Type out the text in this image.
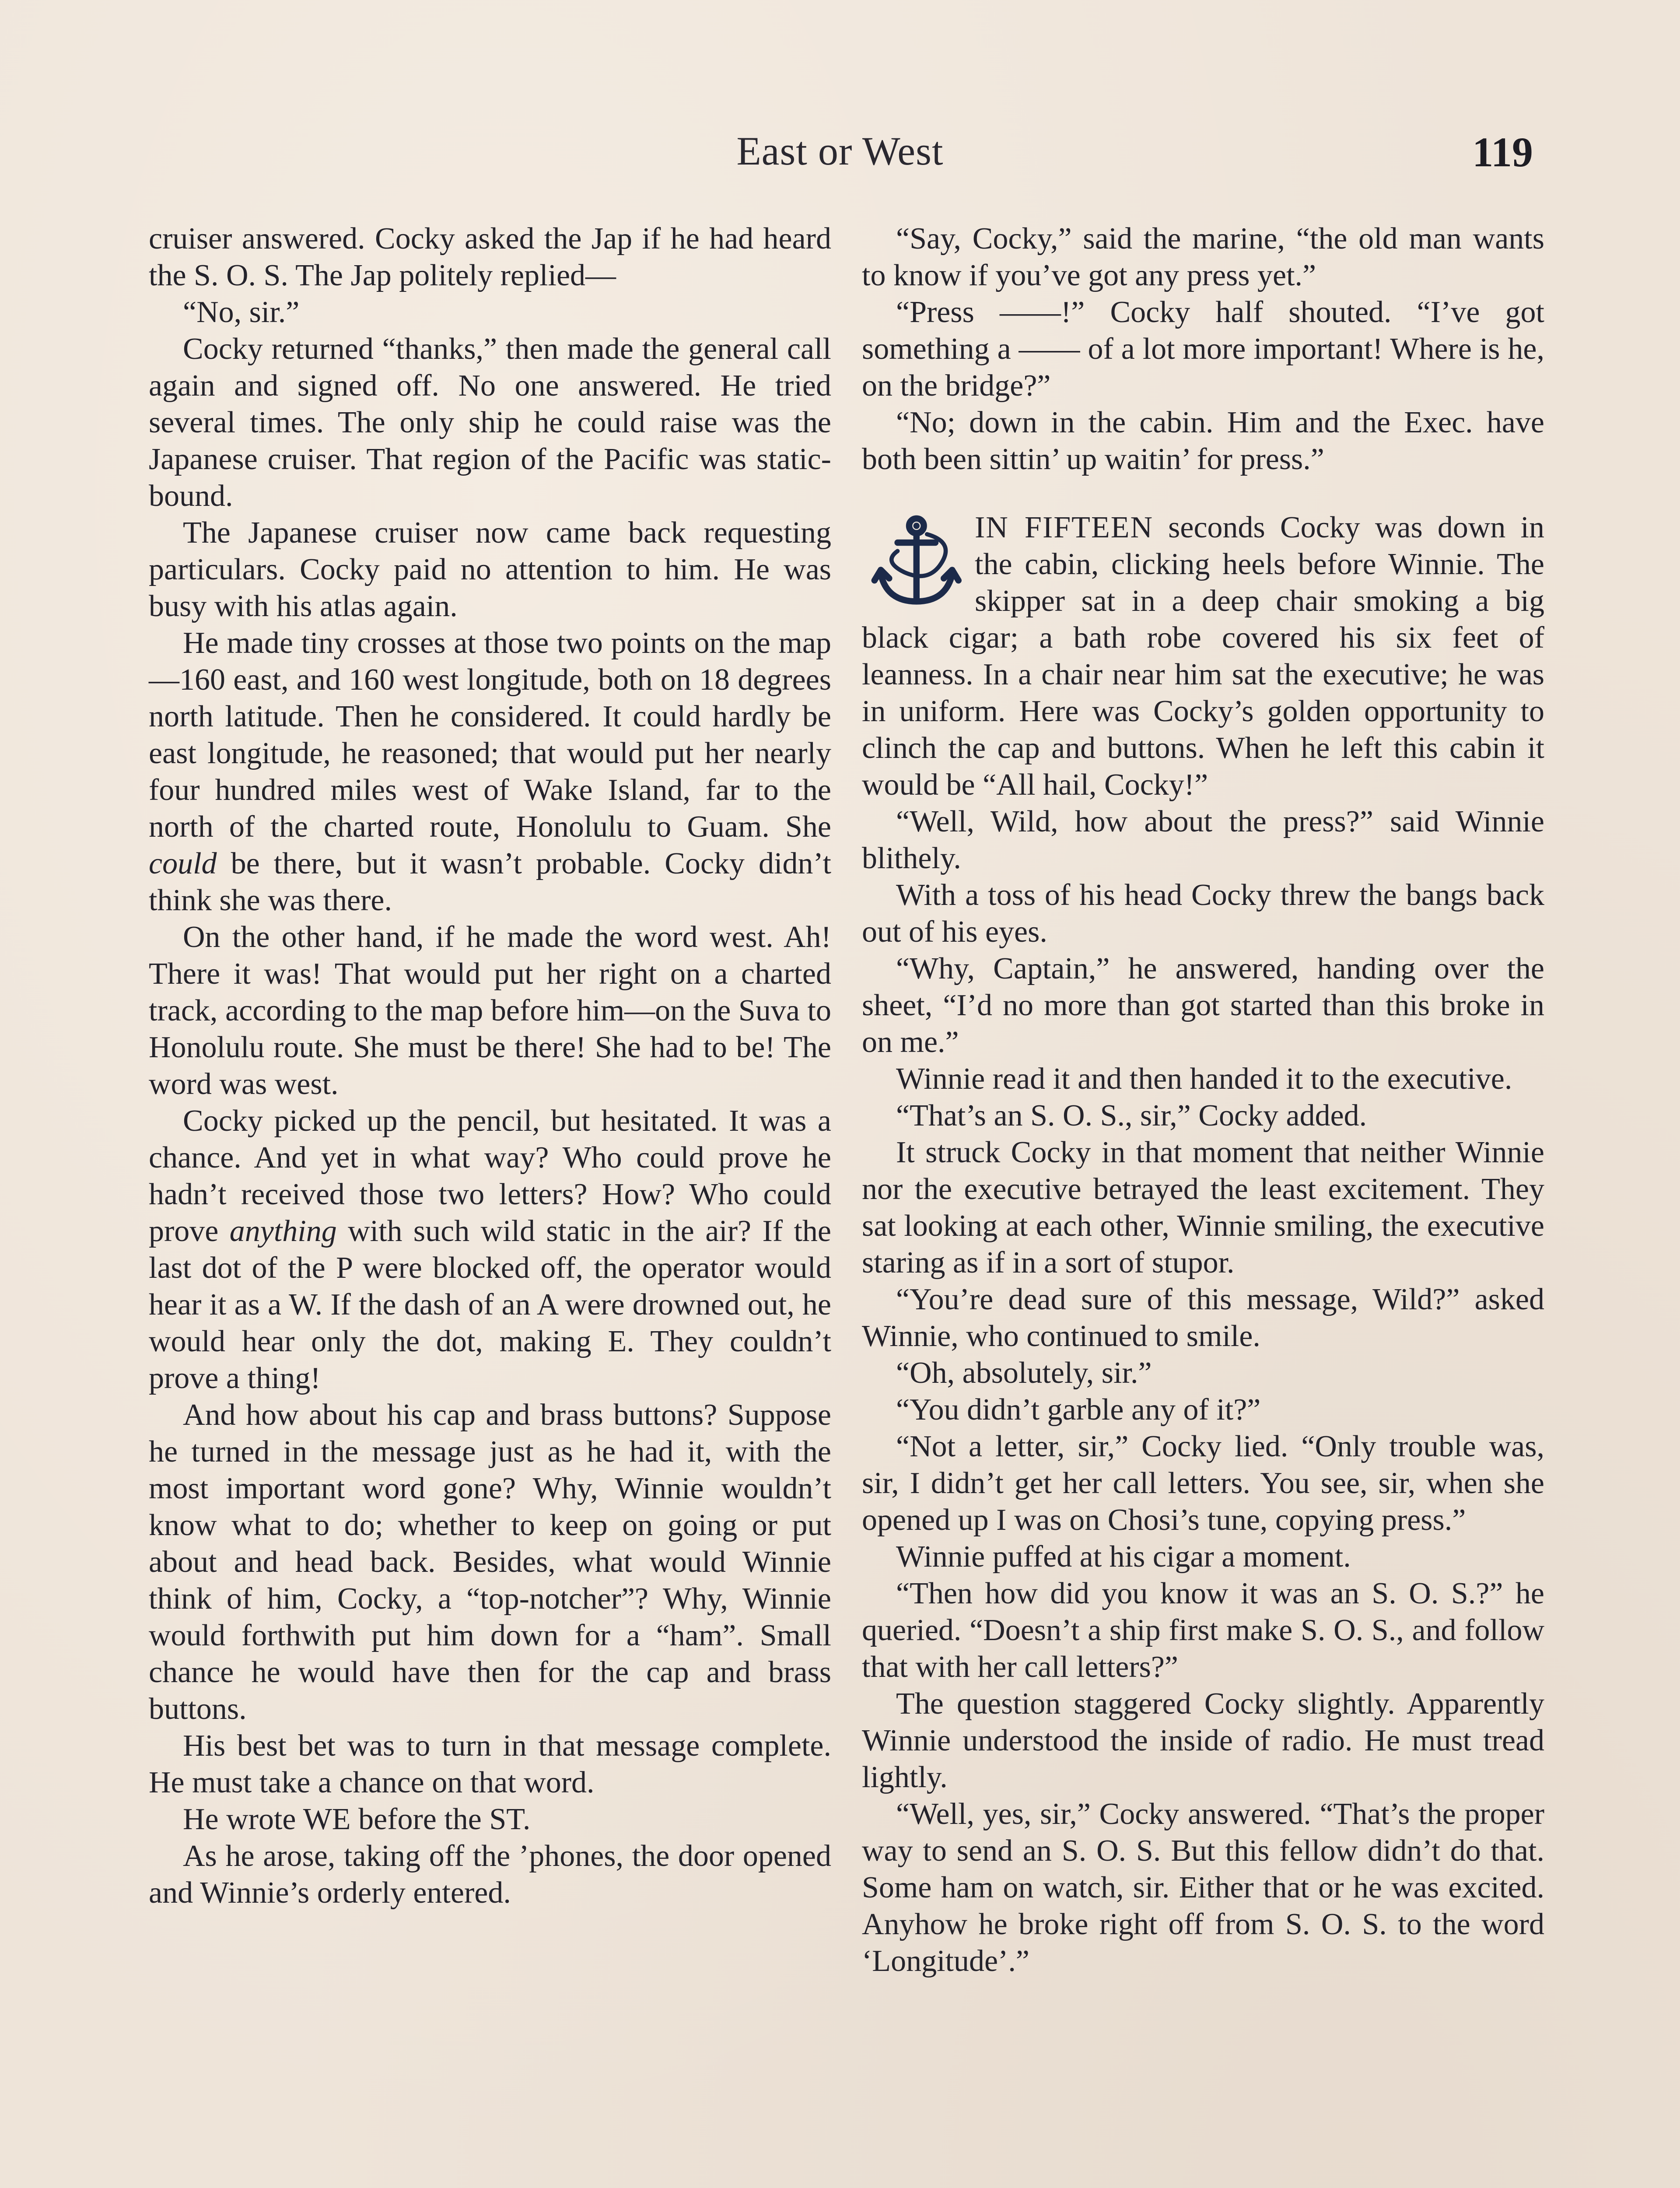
East or West	119

cruiser answered. Cocky asked the Jap if he had heard the S. O. S. The Jap politely replied—

“No, sir.”

Cocky returned “thanks,” then made the general call again and signed off. No one answered. He tried several times. The only ship he could raise was the Japanese cruiser. That region of the Pacific was static-bound.

The Japanese cruiser now came back requesting particulars. Cocky paid no attention to him. He was busy with his atlas again.

He made tiny crosses at those two points on the map—160 east, and 160 west longitude, both on 18 degrees north latitude. Then he considered. It could hardly be east longitude, he reasoned; that would put her nearly four hundred miles west of Wake Island, far to the north of the charted route, Honolulu to Guam. She could be there, but it wasn’t probable. Cocky didn’t think she was there.

On the other hand, if he made the word west. Ah! There it was! That would put her right on a charted track, according to the map before him—on the Suva to Honolulu route. She must be there! She had to be! The word was west.

Cocky picked up the pencil, but hesitated. It was a chance. And yet in what way? Who could prove he hadn’t received those two letters? How? Who could prove anything with such wild static in the air? If the last dot of the P were blocked off, the operator would hear it as a W. If the dash of an A were drowned out, he would hear only the dot, making E. They couldn’t prove a thing!

And how about his cap and brass buttons? Suppose he turned in the message just as he had it, with the most important word gone? Why, Winnie wouldn’t know what to do; whether to keep on going or put about and head back. Besides, what would Winnie think of him, Cocky, a “top-notcher”? Why, Winnie would forthwith put him down for a “ham”. Small chance he would have then for the cap and brass buttons.

His best bet was to turn in that message complete. He must take a chance on that word.

He wrote WE before the ST.

As he arose, taking off the ’phones, the door opened and Winnie’s orderly entered.

“Say, Cocky,” said the marine, “the old man wants to know if you’ve got any press yet.”

“Press ——!” Cocky half shouted. “I’ve got something a —— of a lot more important! Where is he, on the bridge?”

“No; down in the cabin. Him and the Exec. have both been sittin’ up waitin’ for press.”

IN FIFTEEN seconds Cocky was down in the cabin, clicking heels before Winnie. The skipper sat in a deep chair smoking a big black cigar; a bath robe covered his six feet of leanness. In a chair near him sat the executive; he was in uniform. Here was Cocky’s golden opportunity to clinch the cap and buttons. When he left this cabin it would be “All hail, Cocky!”

“Well, Wild, how about the press?” said Winnie blithely.

With a toss of his head Cocky threw the bangs back out of his eyes.

“Why, Captain,” he answered, handing over the sheet, “I’d no more than got started than this broke in on me.”

Winnie read it and then handed it to the executive.

“That’s an S. O. S., sir,” Cocky added.

It struck Cocky in that moment that neither Winnie nor the executive betrayed the least excitement. They sat looking at each other, Winnie smiling, the executive staring as if in a sort of stupor.

“You’re dead sure of this message, Wild?” asked Winnie, who continued to smile.

“Oh, absolutely, sir.”

“You didn’t garble any of it?”

“Not a letter, sir,” Cocky lied. “Only trouble was, sir, I didn’t get her call letters. You see, sir, when she opened up I was on Chosi’s tune, copying press.”

Winnie puffed at his cigar a moment.

“Then how did you know it was an S. O. S.?” he queried. “Doesn’t a ship first make S. O. S., and follow that with her call letters?”

The question staggered Cocky slightly. Apparently Winnie understood the inside of radio. He must tread lightly.

“Well, yes, sir,” Cocky answered. “That’s the proper way to send an S. O. S. But this fellow didn’t do that. Some ham on watch, sir. Either that or he was excited. Anyhow he broke right off from S. O. S. to the word ‘Longitude’.”
